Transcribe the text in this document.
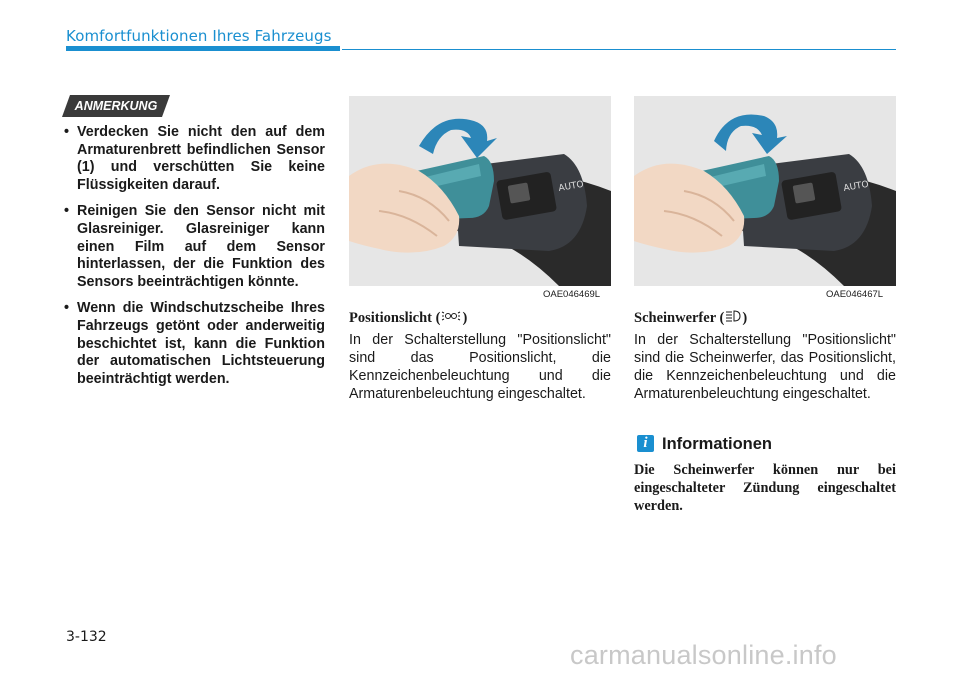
Komfortfunktionen Ihres Fahrzeugs
ANMERKUNG
• Verdecken Sie nicht den auf dem Armaturenbrett befindlichen Sensor (1) und verschütten Sie keine Flüssigkeiten darauf.
• Reinigen Sie den Sensor nicht mit Glasreiniger. Glasreiniger kann einen Film auf dem Sensor hinterlassen, der die Funktion des Sensors beeinträchtigen könnte.
• Wenn die Windschutzscheibe Ihres Fahrzeugs getönt oder anderweitig beschichtet ist, kann die Funktion der automatischen Lichtsteuerung beeinträchtigt werden.
AUTO
OAE046469L
AUTO
OAE046467L
Positionslicht ( )	Scheinwerfer ( )

In der Schalterstellung "Positionslicht" sind das Positionslicht, die Kennzeichenbeleuchtung und die Armaturenbeleuchtung eingeschaltet.

In der Schalterstellung "Positionslicht" sind die Scheinwerfer, das Positionslicht, die Kennzeichenbeleuchtung und die Armaturenbeleuchtung eingeschaltet.

i Informationen

Die Scheinwerfer können nur bei eingeschalteter Zündung eingeschaltet werden.

3-132
carmanualsonline.info
